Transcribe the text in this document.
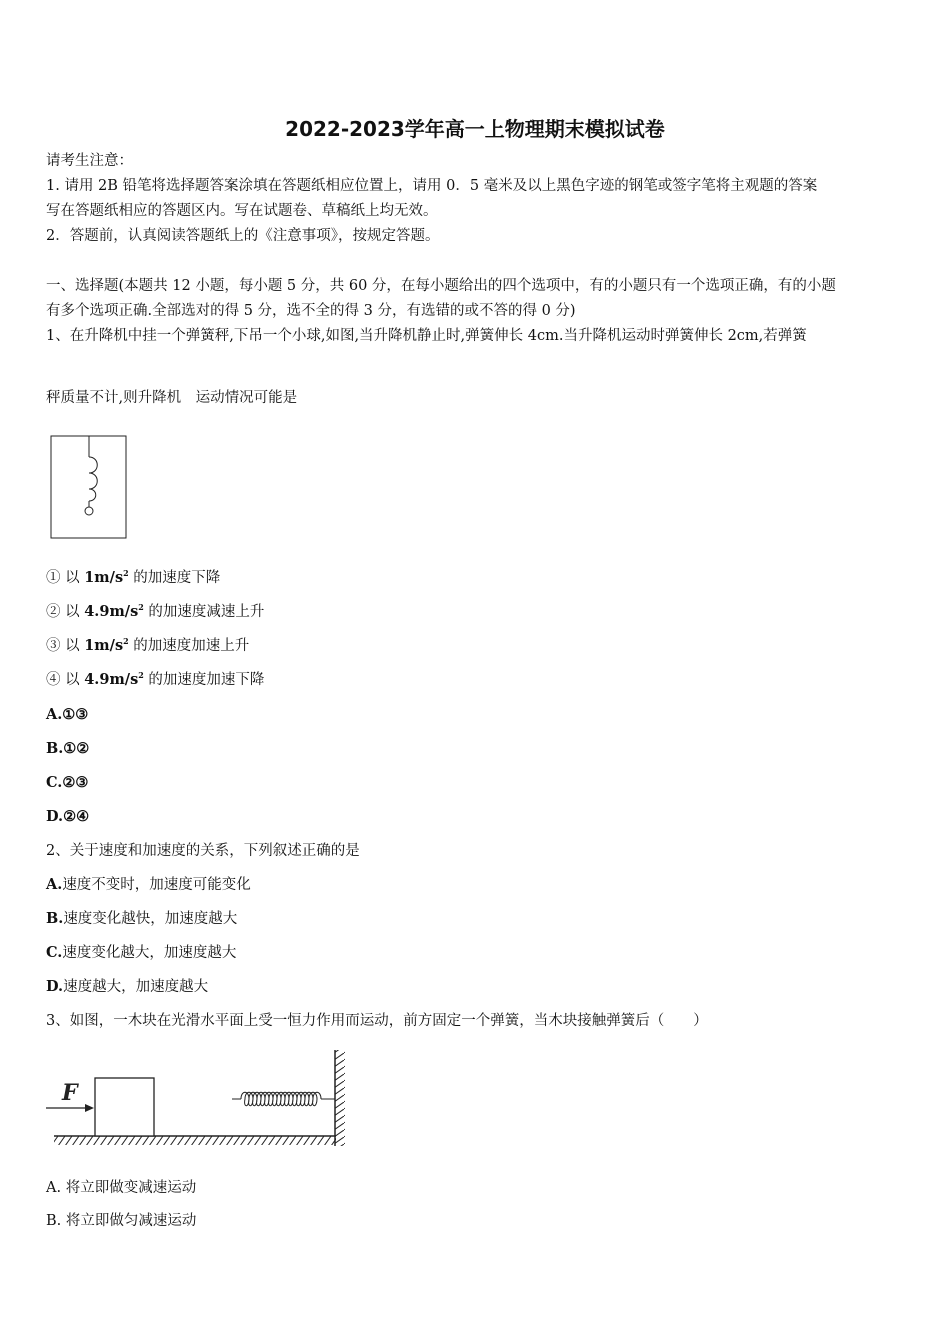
2022-2023学年高一上物理期末模拟试卷
请考生注意：
1. 请用 2B 铅笔将选择题答案涂填在答题纸相应位置上，请用 0．5 毫米及以上黑色字迹的钢笔或签字笔将主观题的答案
写在答题纸相应的答题区内。写在试题卷、草稿纸上均无效。
2．答题前，认真阅读答题纸上的《注意事项》，按规定答题。
一、选择题(本题共 12 小题，每小题 5 分，共 60 分，在每小题给出的四个选项中，有的小题只有一个选项正确，有的小题
有多个选项正确.全部选对的得 5 分，选不全的得 3 分，有选错的或不答的得 0 分)
1、在升降机中挂一个弹簧秤,下吊一个小球,如图,当升降机静止时,弹簧伸长 4cm.当升降机运动时弹簧伸长 2cm,若弹簧
秤质量不计,则升降机　运动情况可能是
① 以 $1m/s^2$ 的加速度下降
② 以 $4.9m/s^2$ 的加速度减速上升
③ 以 $1m/s^2$ 的加速度加速上升
④ 以 $4.9m/s^2$ 的加速度加速下降
A.①③
B.①②
C.②③
D.②④
2、关于速度和加速度的关系，下列叙述正确的是
A.速度不变时，加速度可能变化
B.速度变化越快，加速度越大
C.速度变化越大，加速度越大
D.速度越大，加速度越大
3、如图，一木块在光滑水平面上受一恒力作用而运动，前方固定一个弹簧，当木块接触弹簧后（　　）
F
A. 将立即做变减速运动
B. 将立即做匀减速运动
